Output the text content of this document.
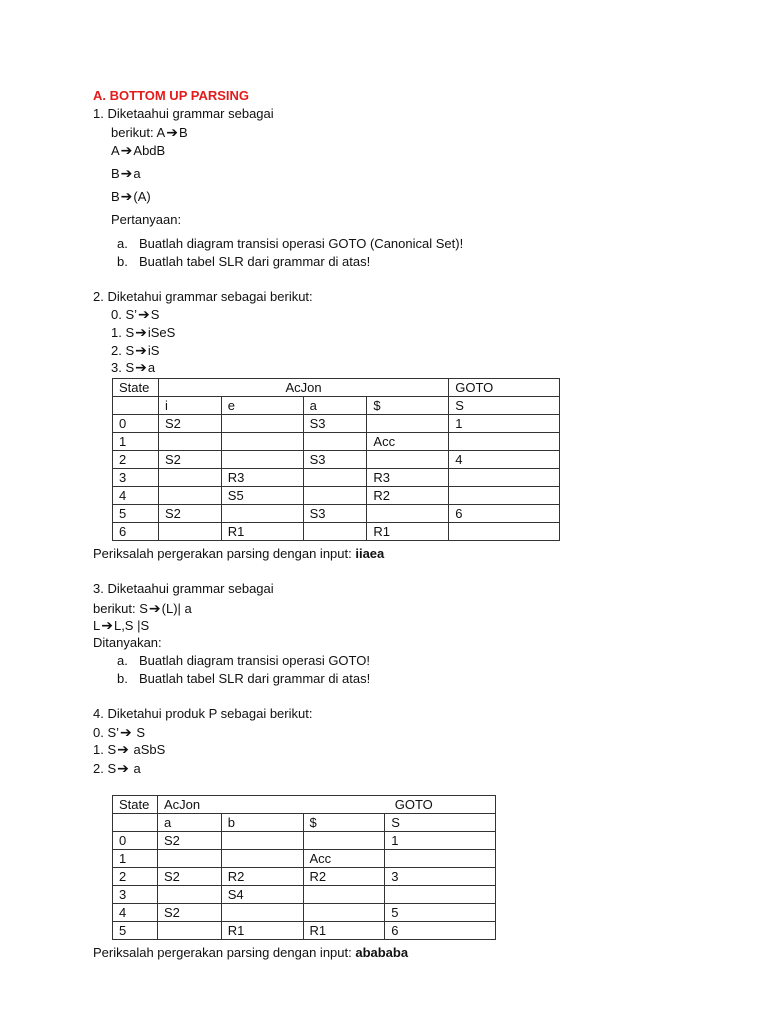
A. BOTTOM UP PARSING
1. Diketaahui grammar sebagai
berikut: A➔B
A➔AbdB
B➔a
B➔(A)
Pertanyaan:
a. Buatlah diagram transisi operasi GOTO (Canonical Set)!
b. Buatlah tabel SLR dari grammar di atas!
2. Diketahui grammar sebagai berikut:
0. S’➔S
1. S➔iSeS
2. S➔iS
3. S➔a
State	AcJon				GOTO
	i	e	a	$	S
0	S2		S3		1
1				Acc	
2	S2		S3		4
3		R3		R3	
4		S5		R2	
5	S2		S3		6
6		R1		R1	
Periksalah pergerakan parsing dengan input: iiaea
3. Diketaahui grammar sebagai
berikut: S➔(L)| a
L➔L,S |S
Ditanyakan:
a. Buatlah diagram transisi operasi GOTO!
b. Buatlah tabel SLR dari grammar di atas!
4. Diketahui produk P sebagai berikut:
0. S’➔ S
1. S➔ aSbS
2. S➔ a
State	AcJon			GOTO
	a	b	$	S
0	S2			1
1			Acc	
2	S2	R2	R2	3
3		S4		
4	S2			5
5		R1	R1	6
Periksalah pergerakan parsing dengan input: abababa
